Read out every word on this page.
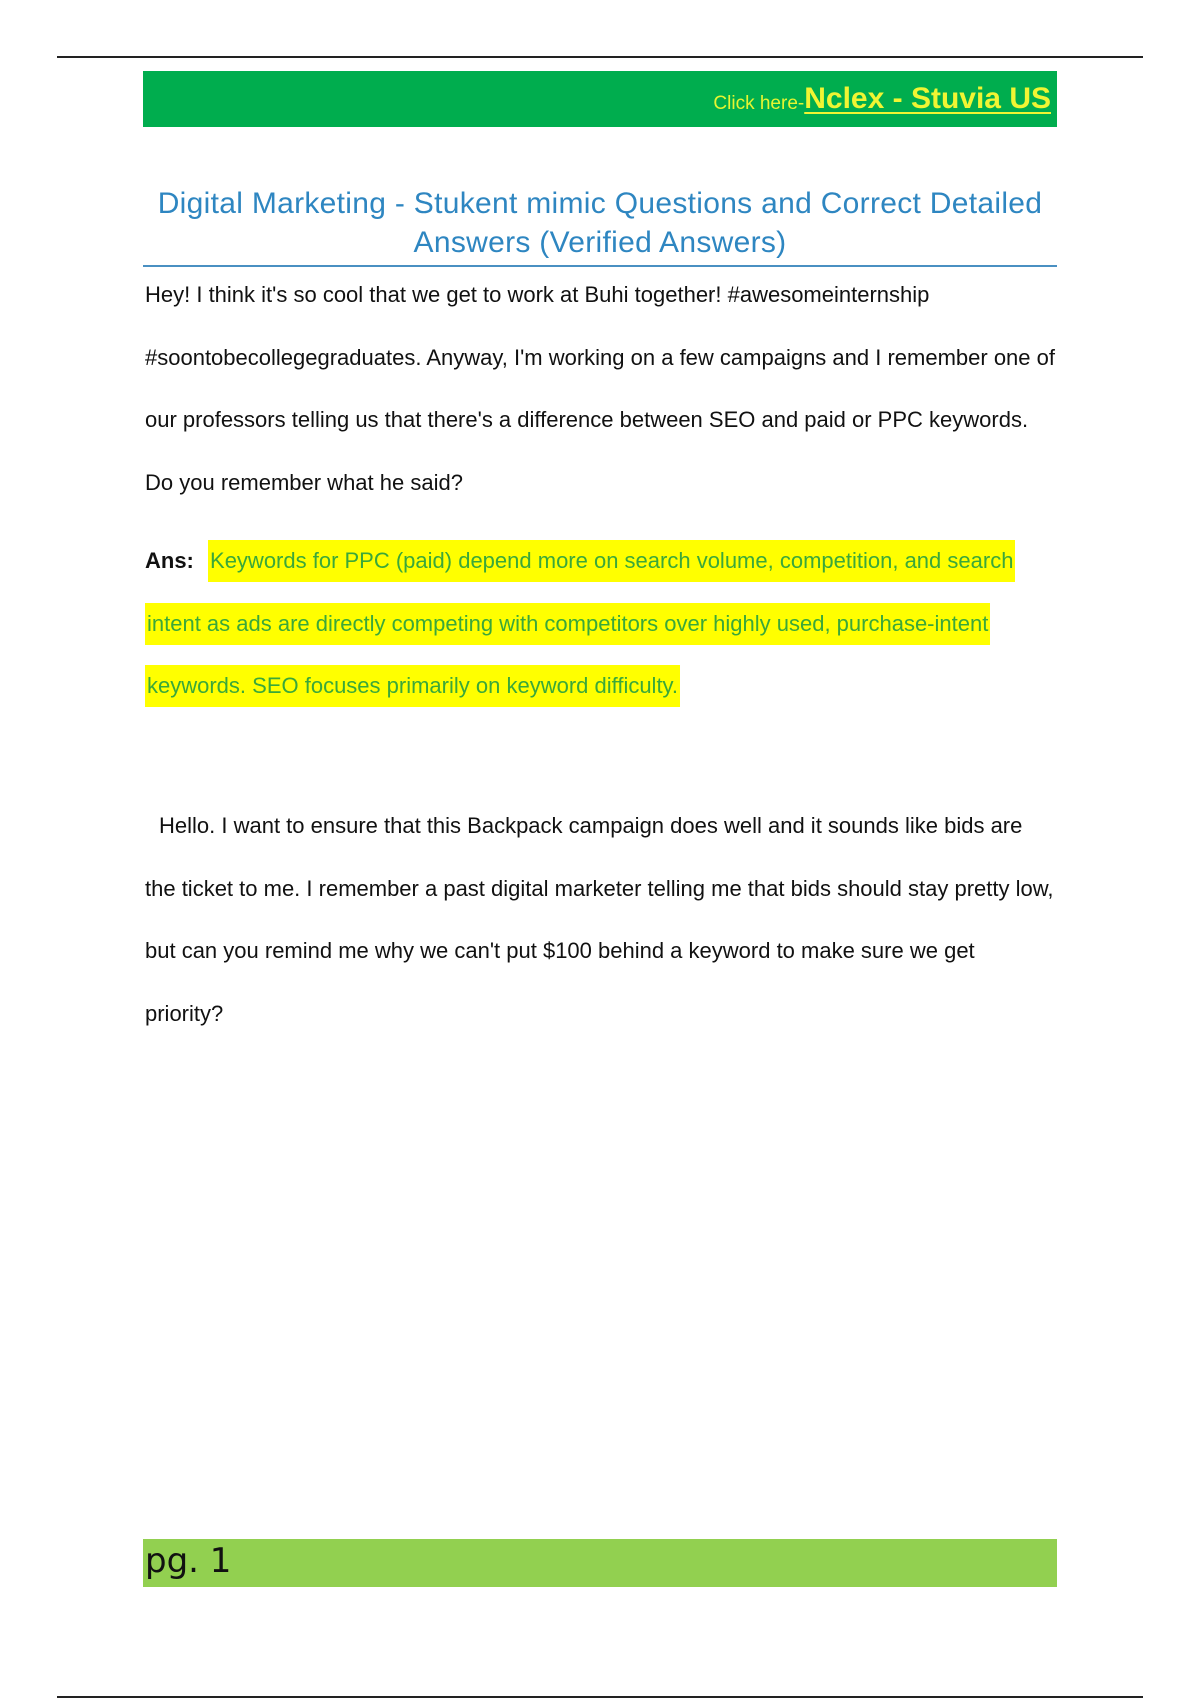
Click here- Nclex - Stuvia US
Digital Marketing - Stukent mimic Questions and Correct Detailed Answers (Verified Answers)

Hey! I think it's so cool that we get to work at Buhi together! #awesomeinternship #soontobecollegegraduates. Anyway, I'm working on a few campaigns and I remember one of our professors telling us that there's a difference between SEO and paid or PPC keywords. Do you remember what he said?

Ans: Keywords for PPC (paid) depend more on search volume, competition, and search intent as ads are directly competing with competitors over highly used, purchase-intent keywords. SEO focuses primarily on keyword difficulty.

Hello. I want to ensure that this Backpack campaign does well and it sounds like bids are the ticket to me. I remember a past digital marketer telling me that bids should stay pretty low, but can you remind me why we can't put $100 behind a keyword to make sure we get priority?

pg. 1
